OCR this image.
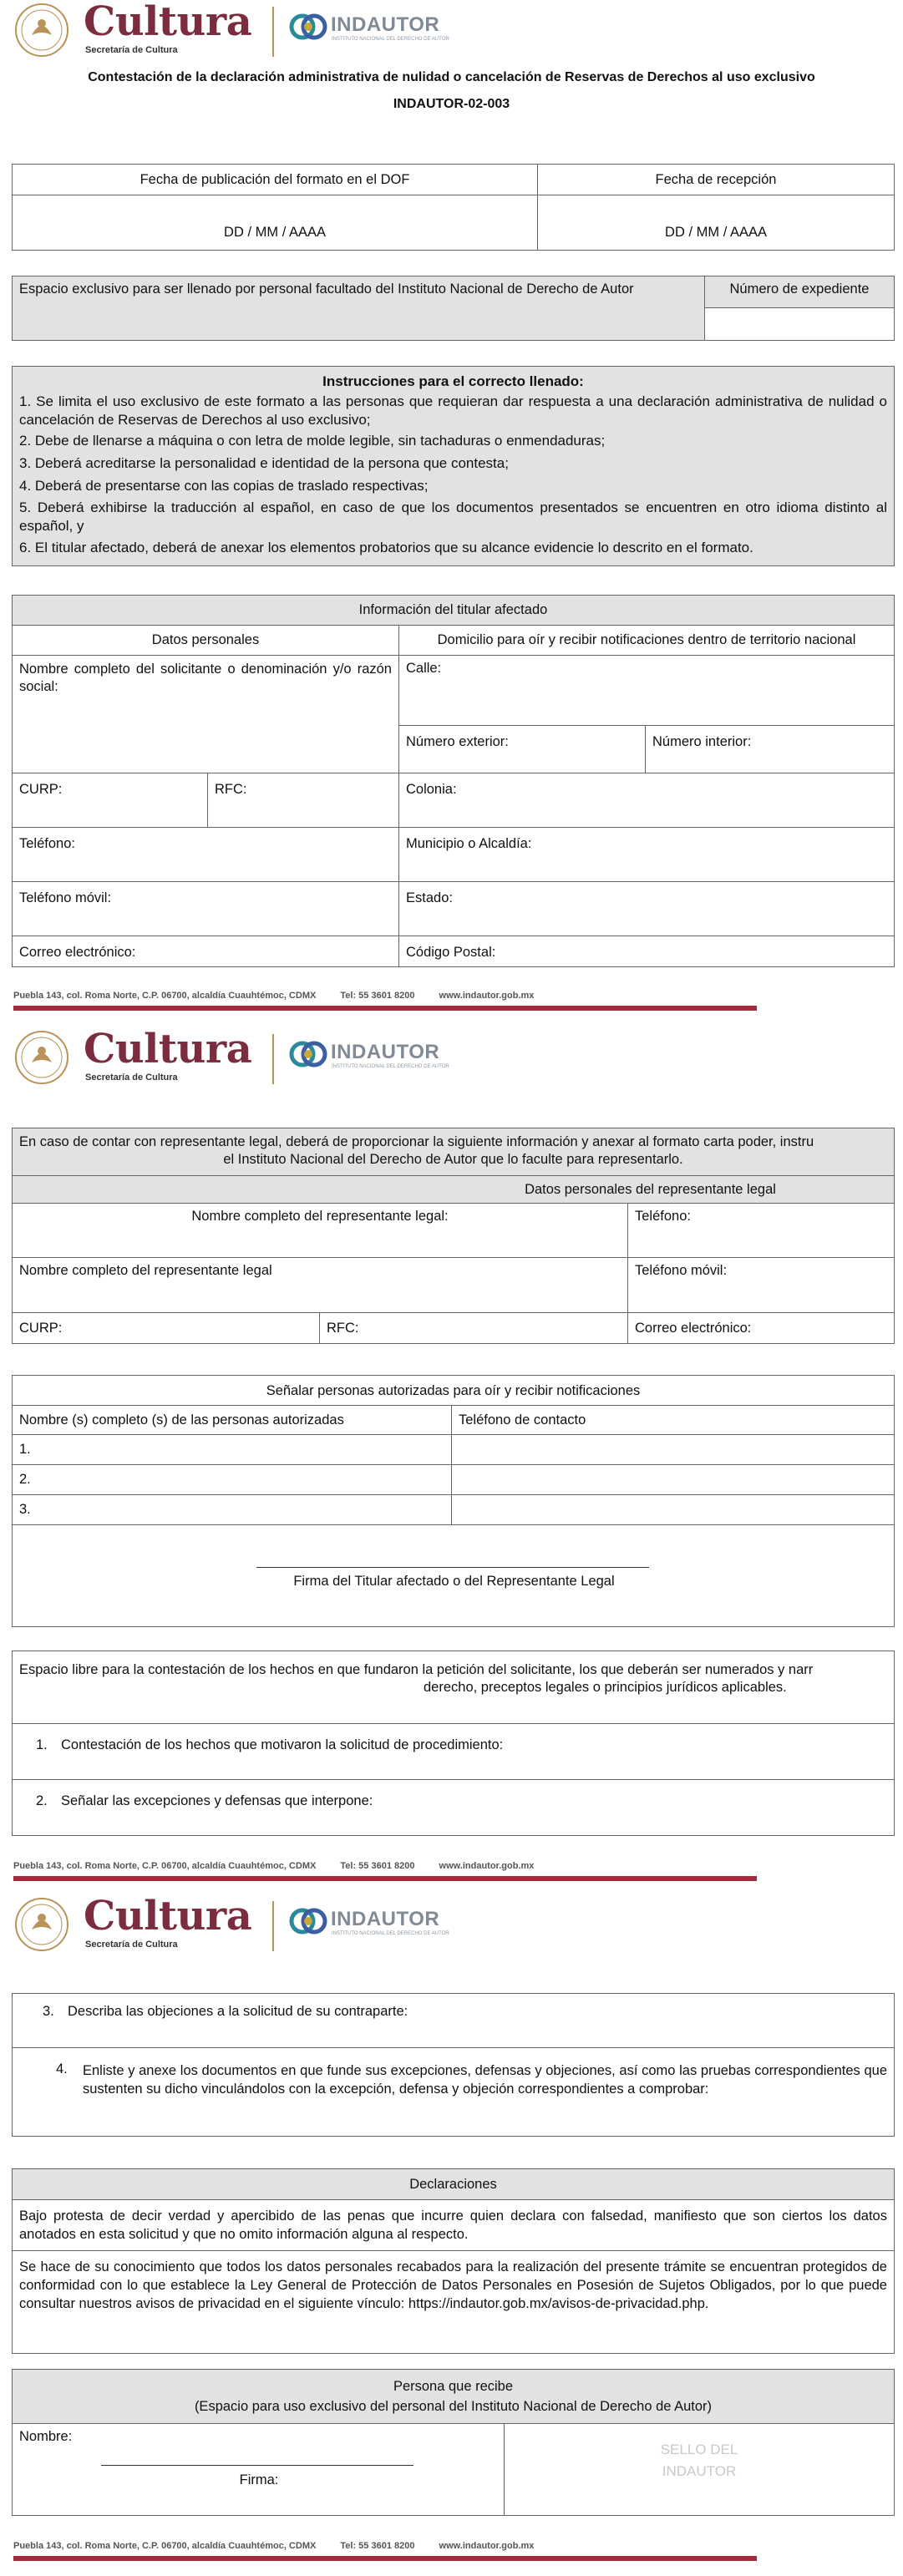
Cultura
Secretaría de Cultura
INDAUTOR
INSTITUTO NACIONAL DEL DERECHO DE AUTOR
Contestación de la declaración administrativa de nulidad o cancelación de Reservas de Derechos al uso exclusivo
INDAUTOR-02-003
Fecha de publicación del formato en el DOF	Fecha de recepción
DD / MM / AAAA	DD / MM / AAAA
Espacio exclusivo para ser llenado por personal facultado del Instituto Nacional de Derecho de Autor	Número de expediente
Instrucciones para el correcto llenado:
1. Se limita el uso exclusivo de este formato a las personas que requieran dar respuesta a una declaración administrativa de nulidad o cancelación de Reservas de Derechos al uso exclusivo;
2. Debe de llenarse a máquina o con letra de molde legible, sin tachaduras o enmendaduras;
3. Deberá acreditarse la personalidad e identidad de la persona que contesta;
4. Deberá de presentarse con las copias de traslado respectivas;
5. Deberá exhibirse la traducción al español, en caso de que los documentos presentados se encuentren en otro idioma distinto al español, y
6. El titular afectado, deberá de anexar los elementos probatorios que su alcance evidencie lo descrito en el formato.
Información del titular afectado
Datos personales	Domicilio para oír y recibir notificaciones dentro de territorio nacional
Nombre completo del solicitante o denominación y/o razón social:
Calle:
Número exterior:	Número interior:
CURP:	RFC:	Colonia:
Teléfono:	Municipio o Alcaldía:
Teléfono móvil:	Estado:
Correo electrónico:	Código Postal:
Puebla 143, col. Roma Norte, C.P. 06700, alcaldía Cuauhtémoc, CDMX	Tel: 55 3601 8200	www.indautor.gob.mx
Cultura
Secretaría de Cultura
INDAUTOR
INSTITUTO NACIONAL DEL DERECHO DE AUTOR
En caso de contar con representante legal, deberá de proporcionar la siguiente información y anexar al formato carta poder, instru
el Instituto Nacional del Derecho de Autor que lo faculte para representarlo.
Datos personales del representante legal
Nombre completo del representante legal:	Teléfono:
Nombre completo del representante legal	Teléfono móvil:
CURP:	RFC:	Correo electrónico:
Señalar personas autorizadas para oír y recibir notificaciones
Nombre (s) completo (s) de las personas autorizadas	Teléfono de contacto
1.
2.
3.
Firma del Titular afectado o del Representante Legal
Espacio libre para la contestación de los hechos en que fundaron la petición del solicitante, los que deberán ser numerados y narr
derecho, preceptos legales o principios jurídicos aplicables.
1. Contestación de los hechos que motivaron la solicitud de procedimiento:
2. Señalar las excepciones y defensas que interpone:
Puebla 143, col. Roma Norte, C.P. 06700, alcaldía Cuauhtémoc, CDMX	Tel: 55 3601 8200	www.indautor.gob.mx
Cultura
Secretaría de Cultura
INDAUTOR
INSTITUTO NACIONAL DEL DERECHO DE AUTOR
3. Describa las objeciones a la solicitud de su contraparte:
4.	Enliste y anexe los documentos en que funde sus excepciones, defensas y objeciones, así como las pruebas correspondientes que sustenten su dicho vinculándolos con la excepción, defensa y objeción correspondientes a comprobar:
Declaraciones
Bajo protesta de decir verdad y apercibido de las penas que incurre quien declara con falsedad, manifiesto que son ciertos los datos anotados en esta solicitud y que no omito información alguna al respecto.
Se hace de su conocimiento que todos los datos personales recabados para la realización del presente trámite se encuentran protegidos de conformidad con lo que establece la Ley General de Protección de Datos Personales en Posesión de Sujetos Obligados, por lo que puede consultar nuestros avisos de privacidad en el siguiente vínculo: https://indautor.gob.mx/avisos-de-privacidad.php.
Persona que recibe
(Espacio para uso exclusivo del personal del Instituto Nacional de Derecho de Autor)
Nombre:
Firma:
SELLO DEL
INDAUTOR
Puebla 143, col. Roma Norte, C.P. 06700, alcaldía Cuauhtémoc, CDMX	Tel: 55 3601 8200	www.indautor.gob.mx
